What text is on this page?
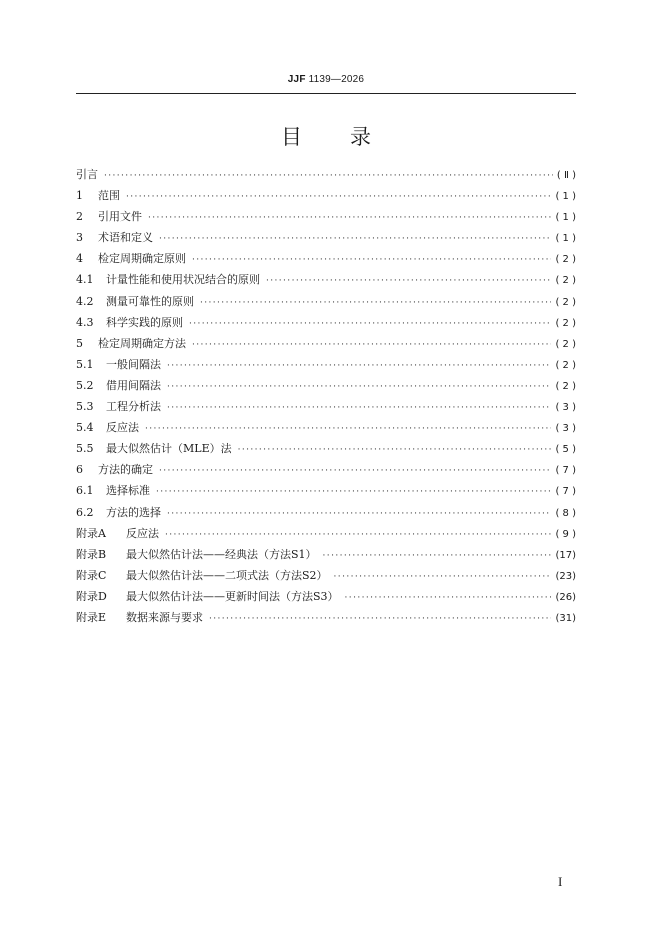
JJF 1139—2026
目录
引言 ·····	( Ⅱ )
1	范围 ·····	( 1 )
2	引用文件 ·····	( 1 )
3	术语和定义 ·····	( 1 )
4	检定周期确定原则 ·····	( 2 )
4.1	计量性能和使用状况结合的原则 ·····	( 2 )
4.2	测量可靠性的原则 ·····	( 2 )
4.3	科学实践的原则 ·····	( 2 )
5	检定周期确定方法 ·····	( 2 )
5.1	一般间隔法 ·····	( 2 )
5.2	借用间隔法 ·····	( 2 )
5.3	工程分析法 ·····	( 3 )
5.4	反应法 ·····	( 3 )
5.5	最大似然估计（MLE）法 ·····	( 5 )
6	方法的确定 ·····	( 7 )
6.1	选择标准 ·····	( 7 )
6.2	方法的选择 ·····	( 8 )
附录A	反应法 ·····	( 9 )
附录B	最大似然估计法——经典法（方法S1） ·····	(17)
附录C	最大似然估计法——二项式法（方法S2） ·····	(23)
附录D	最大似然估计法——更新时间法（方法S3） ·····	(26)
附录E	数据来源与要求 ·····	(31)
I
